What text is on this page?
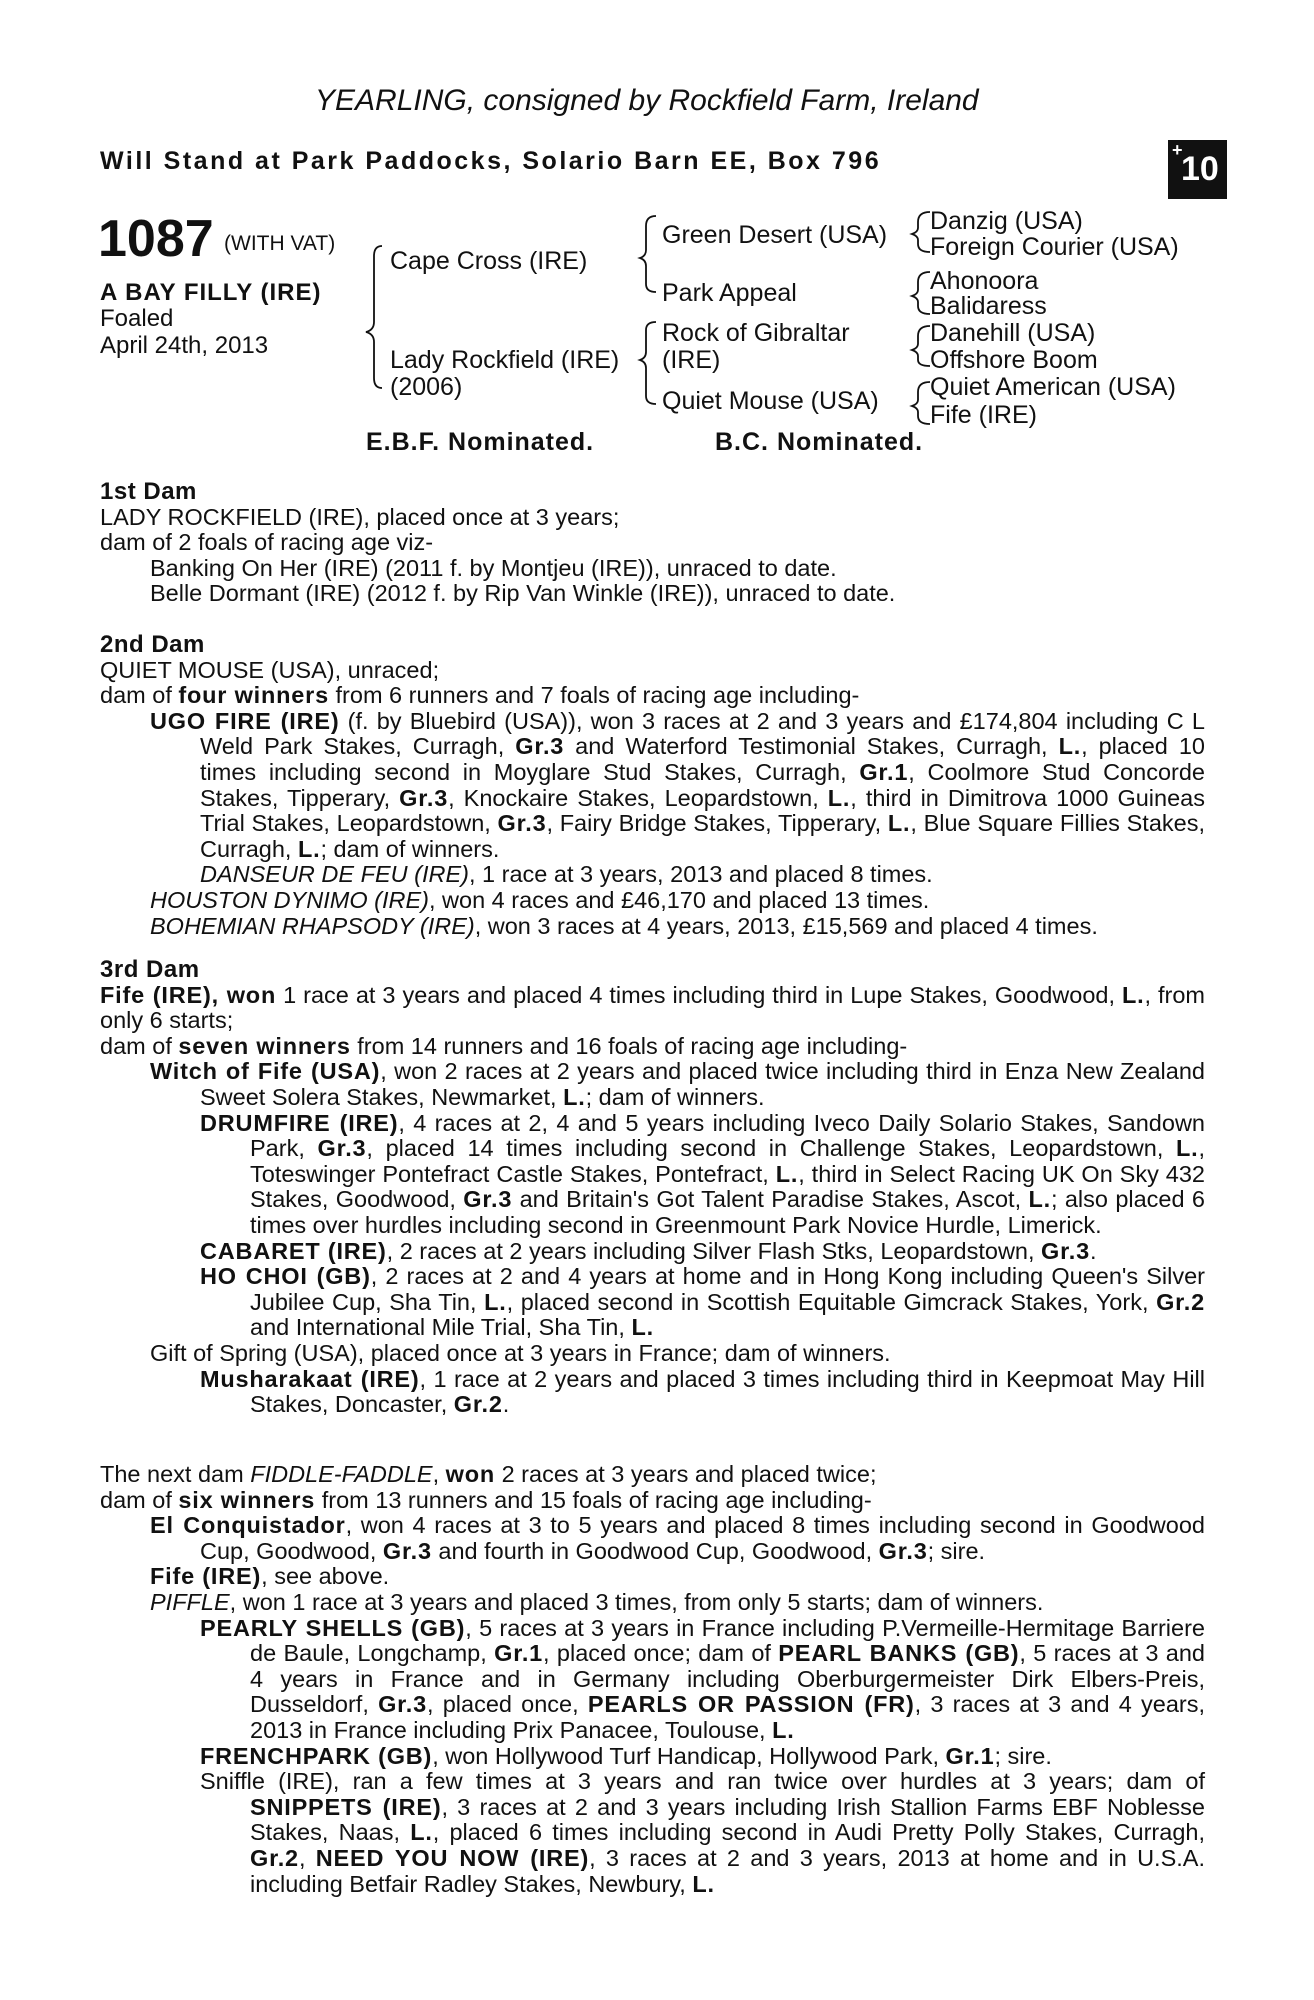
YEARLING, consigned by Rockfield Farm, Ireland
Will Stand at Park Paddocks, Solario Barn EE, Box 796	+
10
1087 (WITH VAT)
A BAY FILLY (IRE)
Foaled
April 24th, 2013
Cape Cross (IRE)
Lady Rockfield (IRE)
(2006)
Green Desert (USA)
Park Appeal
Rock of Gibraltar
(IRE)
Quiet Mouse (USA)
Danzig (USA)
Foreign Courier (USA)
Ahonoora
Balidaress
Danehill (USA)
Offshore Boom
Quiet American (USA)
Fife (IRE)
E.B.F. Nominated.	B.C. Nominated.
1st Dam
LADY ROCKFIELD (IRE), placed once at 3 years;
dam of 2 foals of racing age viz-
Banking On Her (IRE) (2011 f. by Montjeu (IRE)), unraced to date.
Belle Dormant (IRE) (2012 f. by Rip Van Winkle (IRE)), unraced to date.
2nd Dam
QUIET MOUSE (USA), unraced;
dam of four winners from 6 runners and 7 foals of racing age including-
UGO FIRE (IRE) (f. by Bluebird (USA)), won 3 races at 2 and 3 years and £174,804 including C L Weld Park Stakes, Curragh, Gr.3 and Waterford Testimonial Stakes, Curragh, L., placed 10 times including second in Moyglare Stud Stakes, Curragh, Gr.1, Coolmore Stud Concorde Stakes, Tipperary, Gr.3, Knockaire Stakes, Leopardstown, L., third in Dimitrova 1000 Guineas Trial Stakes, Leopardstown, Gr.3, Fairy Bridge Stakes, Tipperary, L., Blue Square Fillies Stakes, Curragh, L.; dam of winners.
DANSEUR DE FEU (IRE), 1 race at 3 years, 2013 and placed 8 times.
HOUSTON DYNIMO (IRE), won 4 races and £46,170 and placed 13 times.
BOHEMIAN RHAPSODY (IRE), won 3 races at 4 years, 2013, £15,569 and placed 4 times.
3rd Dam
Fife (IRE), won 1 race at 3 years and placed 4 times including third in Lupe Stakes, Goodwood, L., from only 6 starts;
dam of seven winners from 14 runners and 16 foals of racing age including-
Witch of Fife (USA), won 2 races at 2 years and placed twice including third in Enza New Zealand Sweet Solera Stakes, Newmarket, L.; dam of winners.
DRUMFIRE (IRE), 4 races at 2, 4 and 5 years including Iveco Daily Solario Stakes, Sandown Park, Gr.3, placed 14 times including second in Challenge Stakes, Leopardstown, L., Toteswinger Pontefract Castle Stakes, Pontefract, L., third in Select Racing UK On Sky 432 Stakes, Goodwood, Gr.3 and Britain's Got Talent Paradise Stakes, Ascot, L.; also placed 6 times over hurdles including second in Greenmount Park Novice Hurdle, Limerick.
CABARET (IRE), 2 races at 2 years including Silver Flash Stks, Leopardstown, Gr.3.
HO CHOI (GB), 2 races at 2 and 4 years at home and in Hong Kong including Queen's Silver Jubilee Cup, Sha Tin, L., placed second in Scottish Equitable Gimcrack Stakes, York, Gr.2 and International Mile Trial, Sha Tin, L.
Gift of Spring (USA), placed once at 3 years in France; dam of winners.
Musharakaat (IRE), 1 race at 2 years and placed 3 times including third in Keepmoat May Hill Stakes, Doncaster, Gr.2.
The next dam FIDDLE-FADDLE, won 2 races at 3 years and placed twice;
dam of six winners from 13 runners and 15 foals of racing age including-
El Conquistador, won 4 races at 3 to 5 years and placed 8 times including second in Goodwood Cup, Goodwood, Gr.3 and fourth in Goodwood Cup, Goodwood, Gr.3; sire.
Fife (IRE), see above.
PIFFLE, won 1 race at 3 years and placed 3 times, from only 5 starts; dam of winners.
PEARLY SHELLS (GB), 5 races at 3 years in France including P.Vermeille-Hermitage Barriere de Baule, Longchamp, Gr.1, placed once; dam of PEARL BANKS (GB), 5 races at 3 and 4 years in France and in Germany including Oberburgermeister Dirk Elbers-Preis, Dusseldorf, Gr.3, placed once, PEARLS OR PASSION (FR), 3 races at 3 and 4 years, 2013 in France including Prix Panacee, Toulouse, L.
FRENCHPARK (GB), won Hollywood Turf Handicap, Hollywood Park, Gr.1; sire.
Sniffle (IRE), ran a few times at 3 years and ran twice over hurdles at 3 years; dam of SNIPPETS (IRE), 3 races at 2 and 3 years including Irish Stallion Farms EBF Noblesse Stakes, Naas, L., placed 6 times including second in Audi Pretty Polly Stakes, Curragh, Gr.2, NEED YOU NOW (IRE), 3 races at 2 and 3 years, 2013 at home and in U.S.A. including Betfair Radley Stakes, Newbury, L.
